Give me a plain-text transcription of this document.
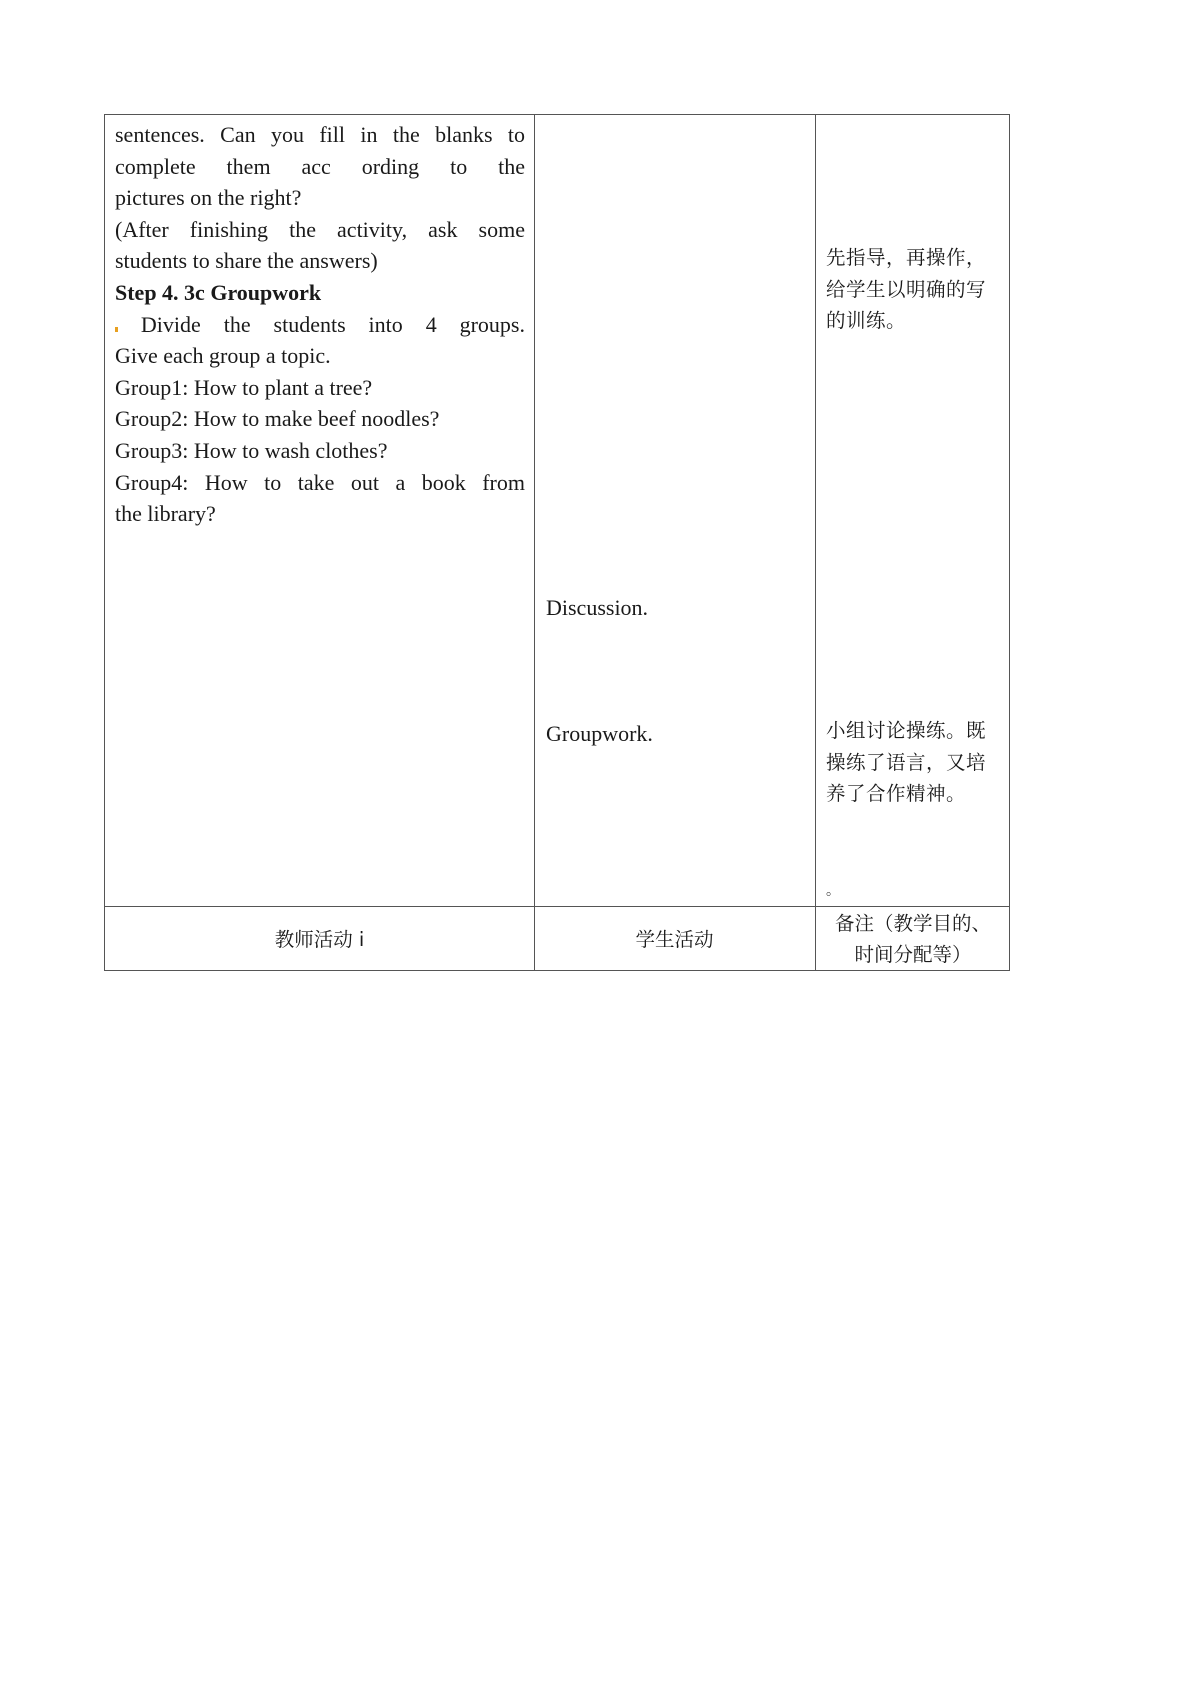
sentences. Can you fill in the blanks to

complete them acc ording to the

pictures on the right?

(After finishing the activity, ask some

students to share the answers)

Step 4. 3c Groupwork

Divide the students into 4 groups.

Give each group a topic.

Group1: How to plant a tree?

Group2: How to make beef noodles?

Group3: How to wash clothes?

Group4: How to take out a book from

the library?

Discussion.
Groupwork.
先指导，再操作，给学生以明确的写的训练。
小组讨论操练。既操练了语言，又培养了合作精神。
。
教师活动 i	学生活动
备注（教学目的、时间分配等）
